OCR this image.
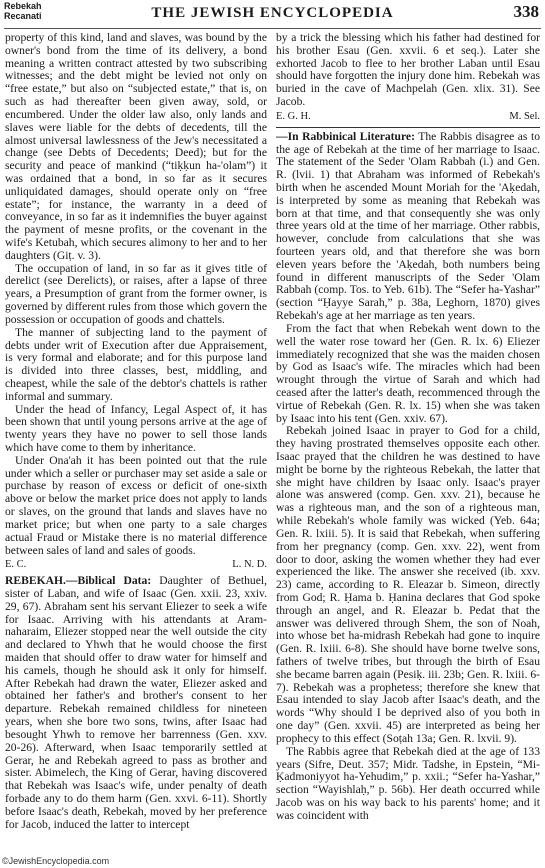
Rebekah
Recanati	THE JEWISH ENCYCLOPEDIA	338

property of this kind, land and slaves, was bound by the owner's bond from the time of its delivery, a bond meaning a written contract attested by two subscribing witnesses; and the debt might be levied not only on “free estate,” but also on “subjected estate,” that is, on such as had thereafter been given away, sold, or encumbered. Under the older law also, only lands and slaves were liable for the debts of decedents, till the almost universal lawlessness of the Jew's necessitated a change (see Debts of Decedents; Deed); but for the security and peace of mankind (“tiḳḳun ha-'olam”) it was ordained that a bond, in so far as it secures unliquidated damages, should operate only on “free estate”; for instance, the warranty in a deed of conveyance, in so far as it indemnifies the buyer against the payment of mesne profits, or the covenant in the wife's Ketubah, which secures alimony to her and to her daughters (Giṭ. v. 3).

The occupation of land, in so far as it gives title of derelict (see Derelicts), or raises, after a lapse of three years, a Presumption of grant from the former owner, is governed by different rules from those which govern the possession or occupation of goods and chattels.

The manner of subjecting land to the payment of debts under writ of Execution after due Appraisement, is very formal and elaborate; and for this purpose land is divided into three classes, best, middling, and cheapest, while the sale of the debtor's chattels is rather informal and summary.

Under the head of Infancy, Legal Aspect of, it has been shown that until young persons arrive at the age of twenty years they have no power to sell those lands which have come to them by inheritance.

Under Ona'ah it has been pointed out that the rule under which a seller or purchaser may set aside a sale or purchase by reason of excess or deficit of one-sixth above or below the market price does not apply to lands or slaves, on the ground that lands and slaves have no market price; but when one party to a sale charges actual Fraud or Mistake there is no material difference between sales of land and sales of goods.

E. C.	L. N. D.

REBEKAH.—Biblical Data: Daughter of Bethuel, sister of Laban, and wife of Isaac (Gen. xxii. 23, xxiv. 29, 67). Abraham sent his servant Eliezer to seek a wife for Isaac. Arriving with his attendants at Aram-naharaim, Eliezer stopped near the well outside the city and declared to Yhwh that he would choose the first maiden that should offer to draw water for himself and his camels, though he should ask it only for himself. After Rebekah had drawn the water, Eliezer asked and obtained her father's and brother's consent to her departure. Rebekah remained childless for nineteen years, when she bore two sons, twins, after Isaac had besought Yhwh to remove her barrenness (Gen. xxv. 20-26). Afterward, when Isaac temporarily settled at Gerar, he and Rebekah agreed to pass as brother and sister. Abimelech, the King of Gerar, having discovered that Rebekah was Isaac's wife, under penalty of death forbade any to do them harm (Gen. xxvi. 6-11). Shortly before Isaac's death, Rebekah, moved by her preference for Jacob, induced the latter to intercept

by a trick the blessing which his father had destined for his brother Esau (Gen. xxvii. 6 et seq.). Later she exhorted Jacob to flee to her brother Laban until Esau should have forgotten the injury done him. Rebekah was buried in the cave of Machpelah (Gen. xlix. 31). See Jacob.

E. G. H.	M. Sel.

—In Rabbinical Literature: The Rabbis disagree as to the age of Rebekah at the time of her marriage to Isaac. The statement of the Seder 'Olam Rabbah (i.) and Gen. R. (lvii. 1) that Abraham was informed of Rebekah's birth when he ascended Mount Moriah for the 'Aḳedah, is interpreted by some as meaning that Rebekah was born at that time, and that consequently she was only three years old at the time of her marriage. Other rabbis, however, conclude from calculations that she was fourteen years old, and that therefore she was born eleven years before the 'Aḳedah, both numbers being found in different manuscripts of the Seder 'Olam Rabbah (comp. Tos. to Yeb. 61b). The “Sefer ha-Yashar” (section “Ḥayye Sarah,” p. 38a, Leghorn, 1870) gives Rebekah's age at her marriage as ten years.

From the fact that when Rebekah went down to the well the water rose toward her (Gen. R. lx. 6) Eliezer immediately recognized that she was the maiden chosen by God as Isaac's wife. The miracles which had been wrought through the virtue of Sarah and which had ceased after the latter's death, recommenced through the virtue of Rebekah (Gen. R. lx. 15) when she was taken by Isaac into his tent (Gen. xxiv. 67).

Rebekah joined Isaac in prayer to God for a child, they having prostrated themselves opposite each other. Isaac prayed that the children he was destined to have might be borne by the righteous Rebekah, the latter that she might have children by Isaac only. Isaac's prayer alone was answered (comp. Gen. xxv. 21), because he was a righteous man, and the son of a righteous man, while Rebekah's whole family was wicked (Yeb. 64a; Gen. R. lxiii. 5). It is said that Rebekah, when suffering from her pregnancy (comp. Gen. xxv. 22), went from door to door, asking the women whether they had ever experienced the like. The answer she received (ib. xxv. 23) came, according to R. Eleazar b. Simeon, directly from God; R. Ḥama b. Ḥanina declares that God spoke through an angel, and R. Eleazar b. Pedat that the answer was delivered through Shem, the son of Noah, into whose bet ha-midrash Rebekah had gone to inquire (Gen. R. lxiii. 6-8). She should have borne twelve sons, fathers of twelve tribes, but through the birth of Esau she became barren again (Pesiḳ. iii. 23b; Gen. R. lxiii. 6-7). Rebekah was a prophetess; therefore she knew that Esau intended to slay Jacob after Isaac's death, and the words “Why should I be deprived also of you both in one day” (Gen. xxvii. 45) are interpreted as being her prophecy to this effect (Soṭah 13a; Gen. R. lxvii. 9).

The Rabbis agree that Rebekah died at the age of 133 years (Sifre, Deut. 357; Midr. Tadshe, in Epstein, “Mi-Ḳadmoniyyot ha-Yehudim,” p. xxii.; “Sefer ha-Yashar,” section “Wayishlaḥ,” p. 56b). Her death occurred while Jacob was on his way back to his parents' home; and it was coincident with

©JewishEncyclopedia.com
